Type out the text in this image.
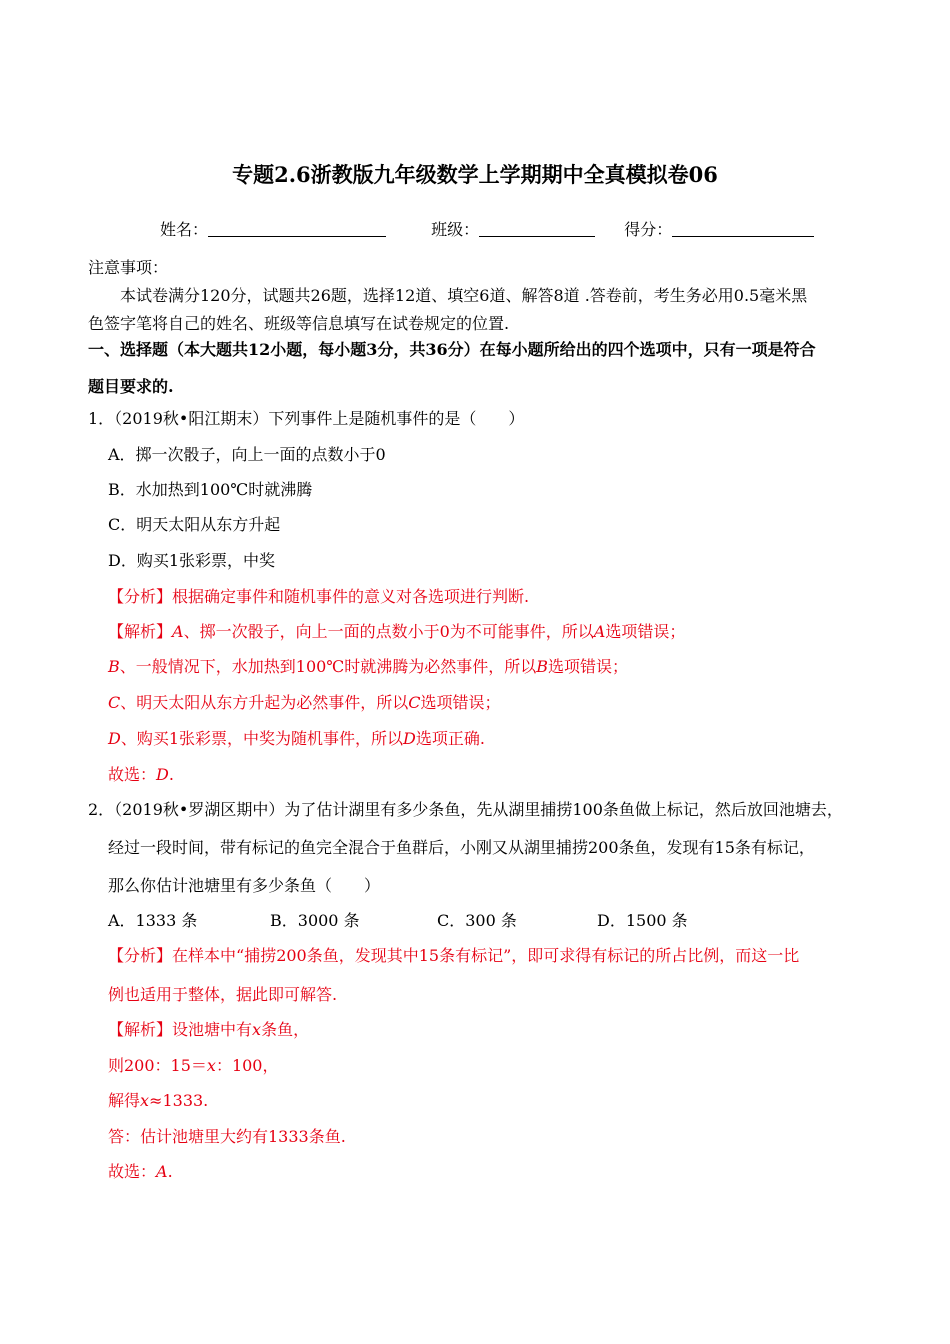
专题2.6浙教版九年级数学上学期期中全真模拟卷06
姓名：	班级：	得分：
注意事项：
本试卷满分120分，试题共26题，选择12道、填空6道、解答8道 .答卷前，考生务必用0.5毫米黑
色签字笔将自己的姓名、班级等信息填写在试卷规定的位置.
一、选择题（本大题共12小题，每小题3分，共36分）在每小题所给出的四个选项中，只有一项是符合
题目要求的.
1．（2019秋•阳江期末）下列事件上是随机事件的是（　　）
A．掷一次骰子，向上一面的点数小于0
B．水加热到100℃时就沸腾
C．明天太阳从东方升起
D．购买1张彩票，中奖
【分析】根据确定事件和随机事件的意义对各选项进行判断.
【解析】A、掷一次骰子，向上一面的点数小于0为不可能事件，所以A选项错误；
B、一般情况下，水加热到100℃时就沸腾为必然事件，所以B选项错误；
C、明天太阳从东方升起为必然事件，所以C选项错误；
D、购买1张彩票，中奖为随机事件，所以D选项正确.
故选：D.
2．（2019秋•罗湖区期中）为了估计湖里有多少条鱼，先从湖里捕捞100条鱼做上标记，然后放回池塘去，
经过一段时间，带有标记的鱼完全混合于鱼群后，小刚又从湖里捕捞200条鱼，发现有15条有标记，
那么你估计池塘里有多少条鱼（　　）
A．1333 条	B．3000 条	C．300 条	D．1500 条
【分析】在样本中“捕捞200条鱼，发现其中15条有标记”，即可求得有标记的所占比例，而这一比
例也适用于整体，据此即可解答.
【解析】设池塘中有x条鱼，
则200：15＝x：100，
解得x≈1333.
答：估计池塘里大约有1333条鱼.
故选：A.
